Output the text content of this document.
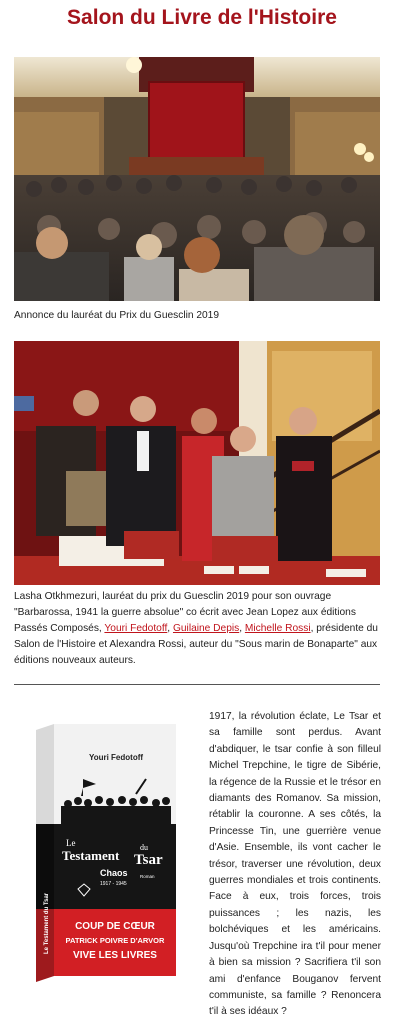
Salon du Livre de l'Histoire
Annonce du lauréat du Prix du Guesclin 2019
Lasha Otkhmezuri, lauréat du prix du Guesclin 2019 pour son ouvrage "Barbarossa, 1941 la guerre absolue" co écrit avec Jean Lopez aux éditions Passés Composés, Youri Fedotoff, Guilaine Depis, Michelle Rossi, présidente du Salon de l'Histoire et Alexandra Rossi, auteur du "Sous marin de Bonaparte" aux éditions nouveaux auteurs.
Youri Fedotoff
Le
Testament
du
Tsar
Chaos
1917 - 1945
Roman
COUP DE CŒUR
PATRICK POIVRE D'ARVOR
VIVE LES LIVRES
Le Testament du Tsar
1917, la révolution éclate, Le Tsar et sa famille sont perdus. Avant d'abdiquer, le tsar confie à son filleul Michel Trepchine, le tigre de Sibérie, la régence de la Russie et le trésor en diamants des Romanov. Sa mission, rétablir la couronne. A ses côtés, la Princesse Tin, une guerrière venue d'Asie. Ensemble, ils vont cacher le trésor, traverser une révolution, deux guerres mondiales et trois continents. Face à eux, trois forces, trois puissances ; les nazis, les bolchéviques et les américains. Jusqu'où Trepchine ira t'il pour mener à bien sa mission ? Sacrifiera t'il son ami d'enfance Bouganov fervent communiste, sa famille ? Renoncera t'il à ses idéaux ?
